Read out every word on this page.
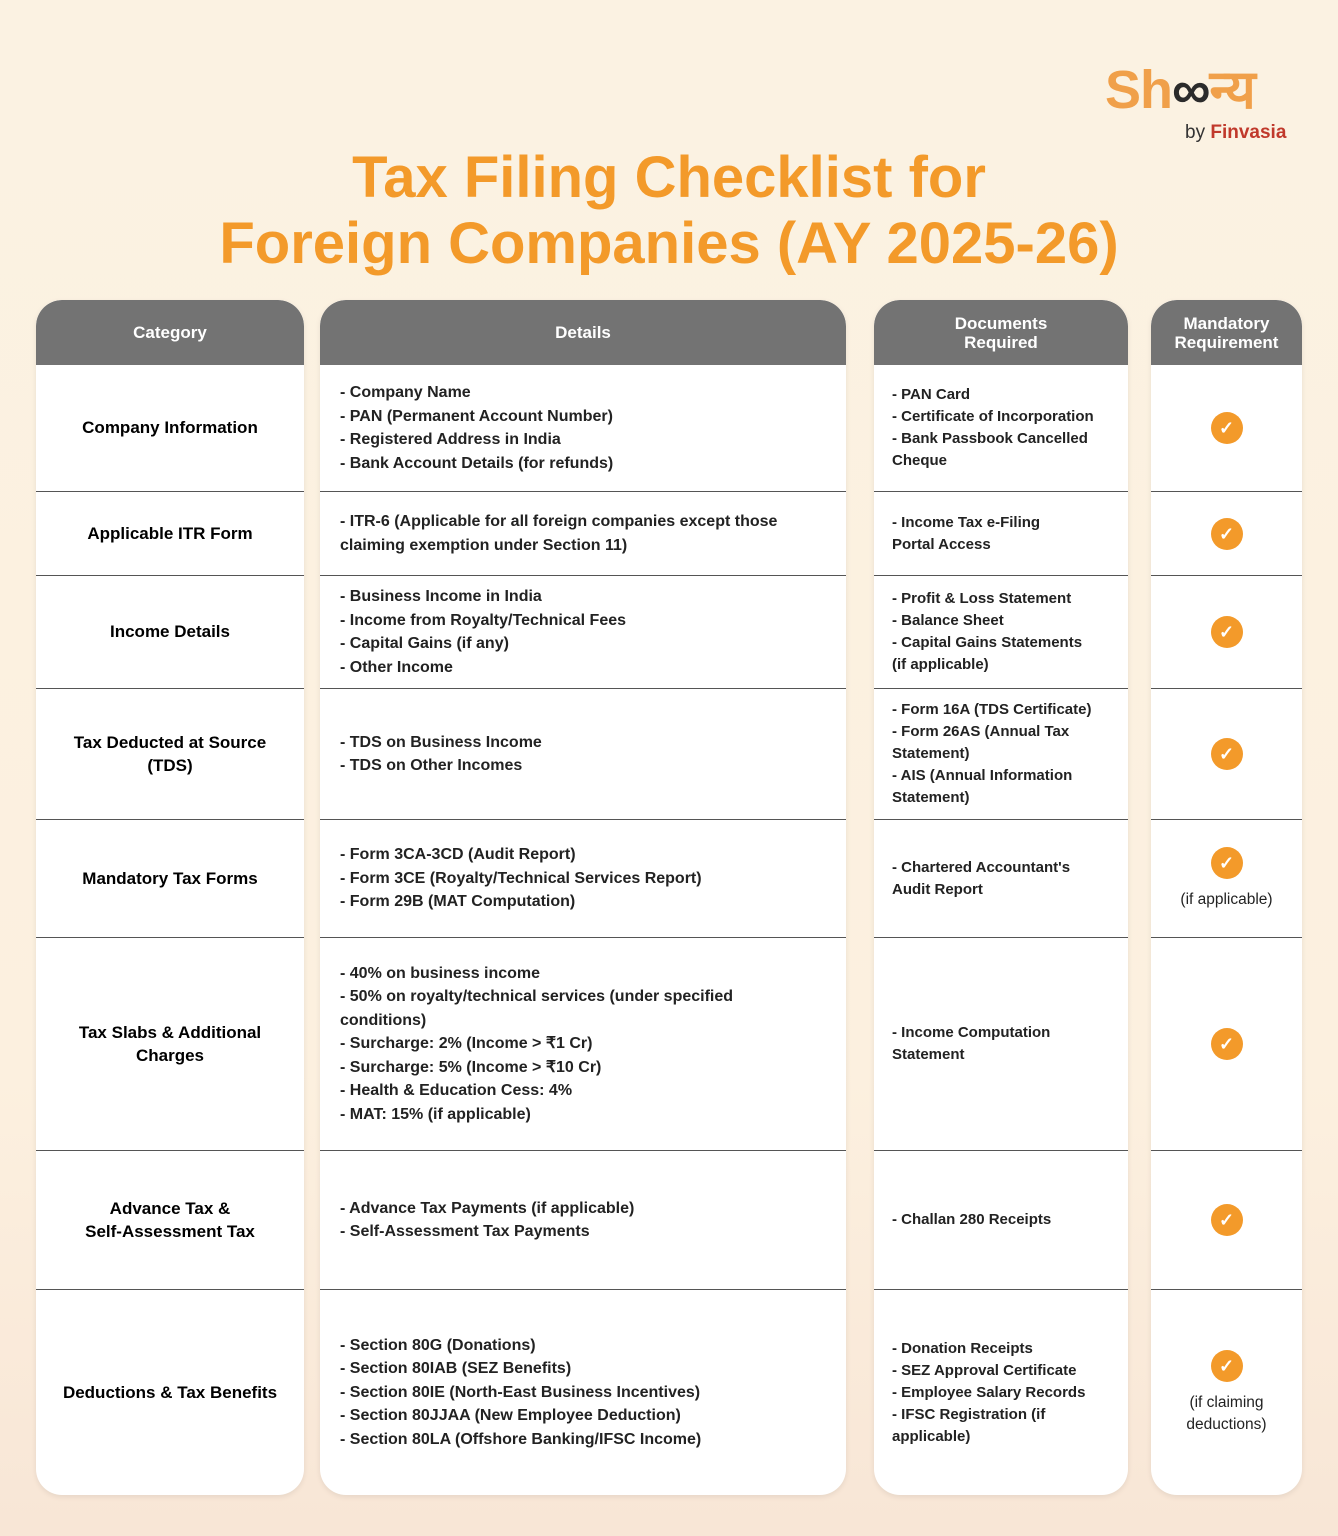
Sh∞न्य
by Finvasia
Tax Filing Checklist for
Foreign Companies (AY 2025-26)
Category
Company Information
Applicable ITR Form
Income Details
Tax Deducted at Source
(TDS)
Mandatory Tax Forms
Tax Slabs & Additional
Charges
Advance Tax &
Self-Assessment Tax
Deductions & Tax Benefits
Details
- Company Name
- PAN (Permanent Account Number)
- Registered Address in India
- Bank Account Details (for refunds)
- ITR-6 (Applicable for all foreign companies except those
claiming exemption under Section 11)
- Business Income in India
- Income from Royalty/Technical Fees
- Capital Gains (if any)
- Other Income
- TDS on Business Income
- TDS on Other Incomes
- Form 3CA-3CD (Audit Report)
- Form 3CE (Royalty/Technical Services Report)
- Form 29B (MAT Computation)
- 40% on business income
- 50% on royalty/technical services (under specified
conditions)
- Surcharge: 2% (Income > ₹1 Cr)
- Surcharge: 5% (Income > ₹10 Cr)
- Health & Education Cess: 4%
- MAT: 15% (if applicable)
- Advance Tax Payments (if applicable)
- Self-Assessment Tax Payments
- Section 80G (Donations)
- Section 80IAB (SEZ Benefits)
- Section 80IE (North-East Business Incentives)
- Section 80JJAA (New Employee Deduction)
- Section 80LA (Offshore Banking/IFSC Income)
Documents
Required
- PAN Card
- Certificate of Incorporation
- Bank Passbook Cancelled
Cheque
- Income Tax e-Filing
Portal Access
- Profit & Loss Statement
- Balance Sheet
- Capital Gains Statements
(if applicable)
- Form 16A (TDS Certificate)
- Form 26AS (Annual Tax
Statement)
- AIS (Annual Information
Statement)
- Chartered Accountant's
Audit Report
- Income Computation
Statement
- Challan 280 Receipts
- Donation Receipts
- SEZ Approval Certificate
- Employee Salary Records
- IFSC Registration (if
applicable)
Mandatory
Requirement
✓
✓
✓
✓
✓
(if applicable)
✓
✓
✓
(if claiming
deductions)
